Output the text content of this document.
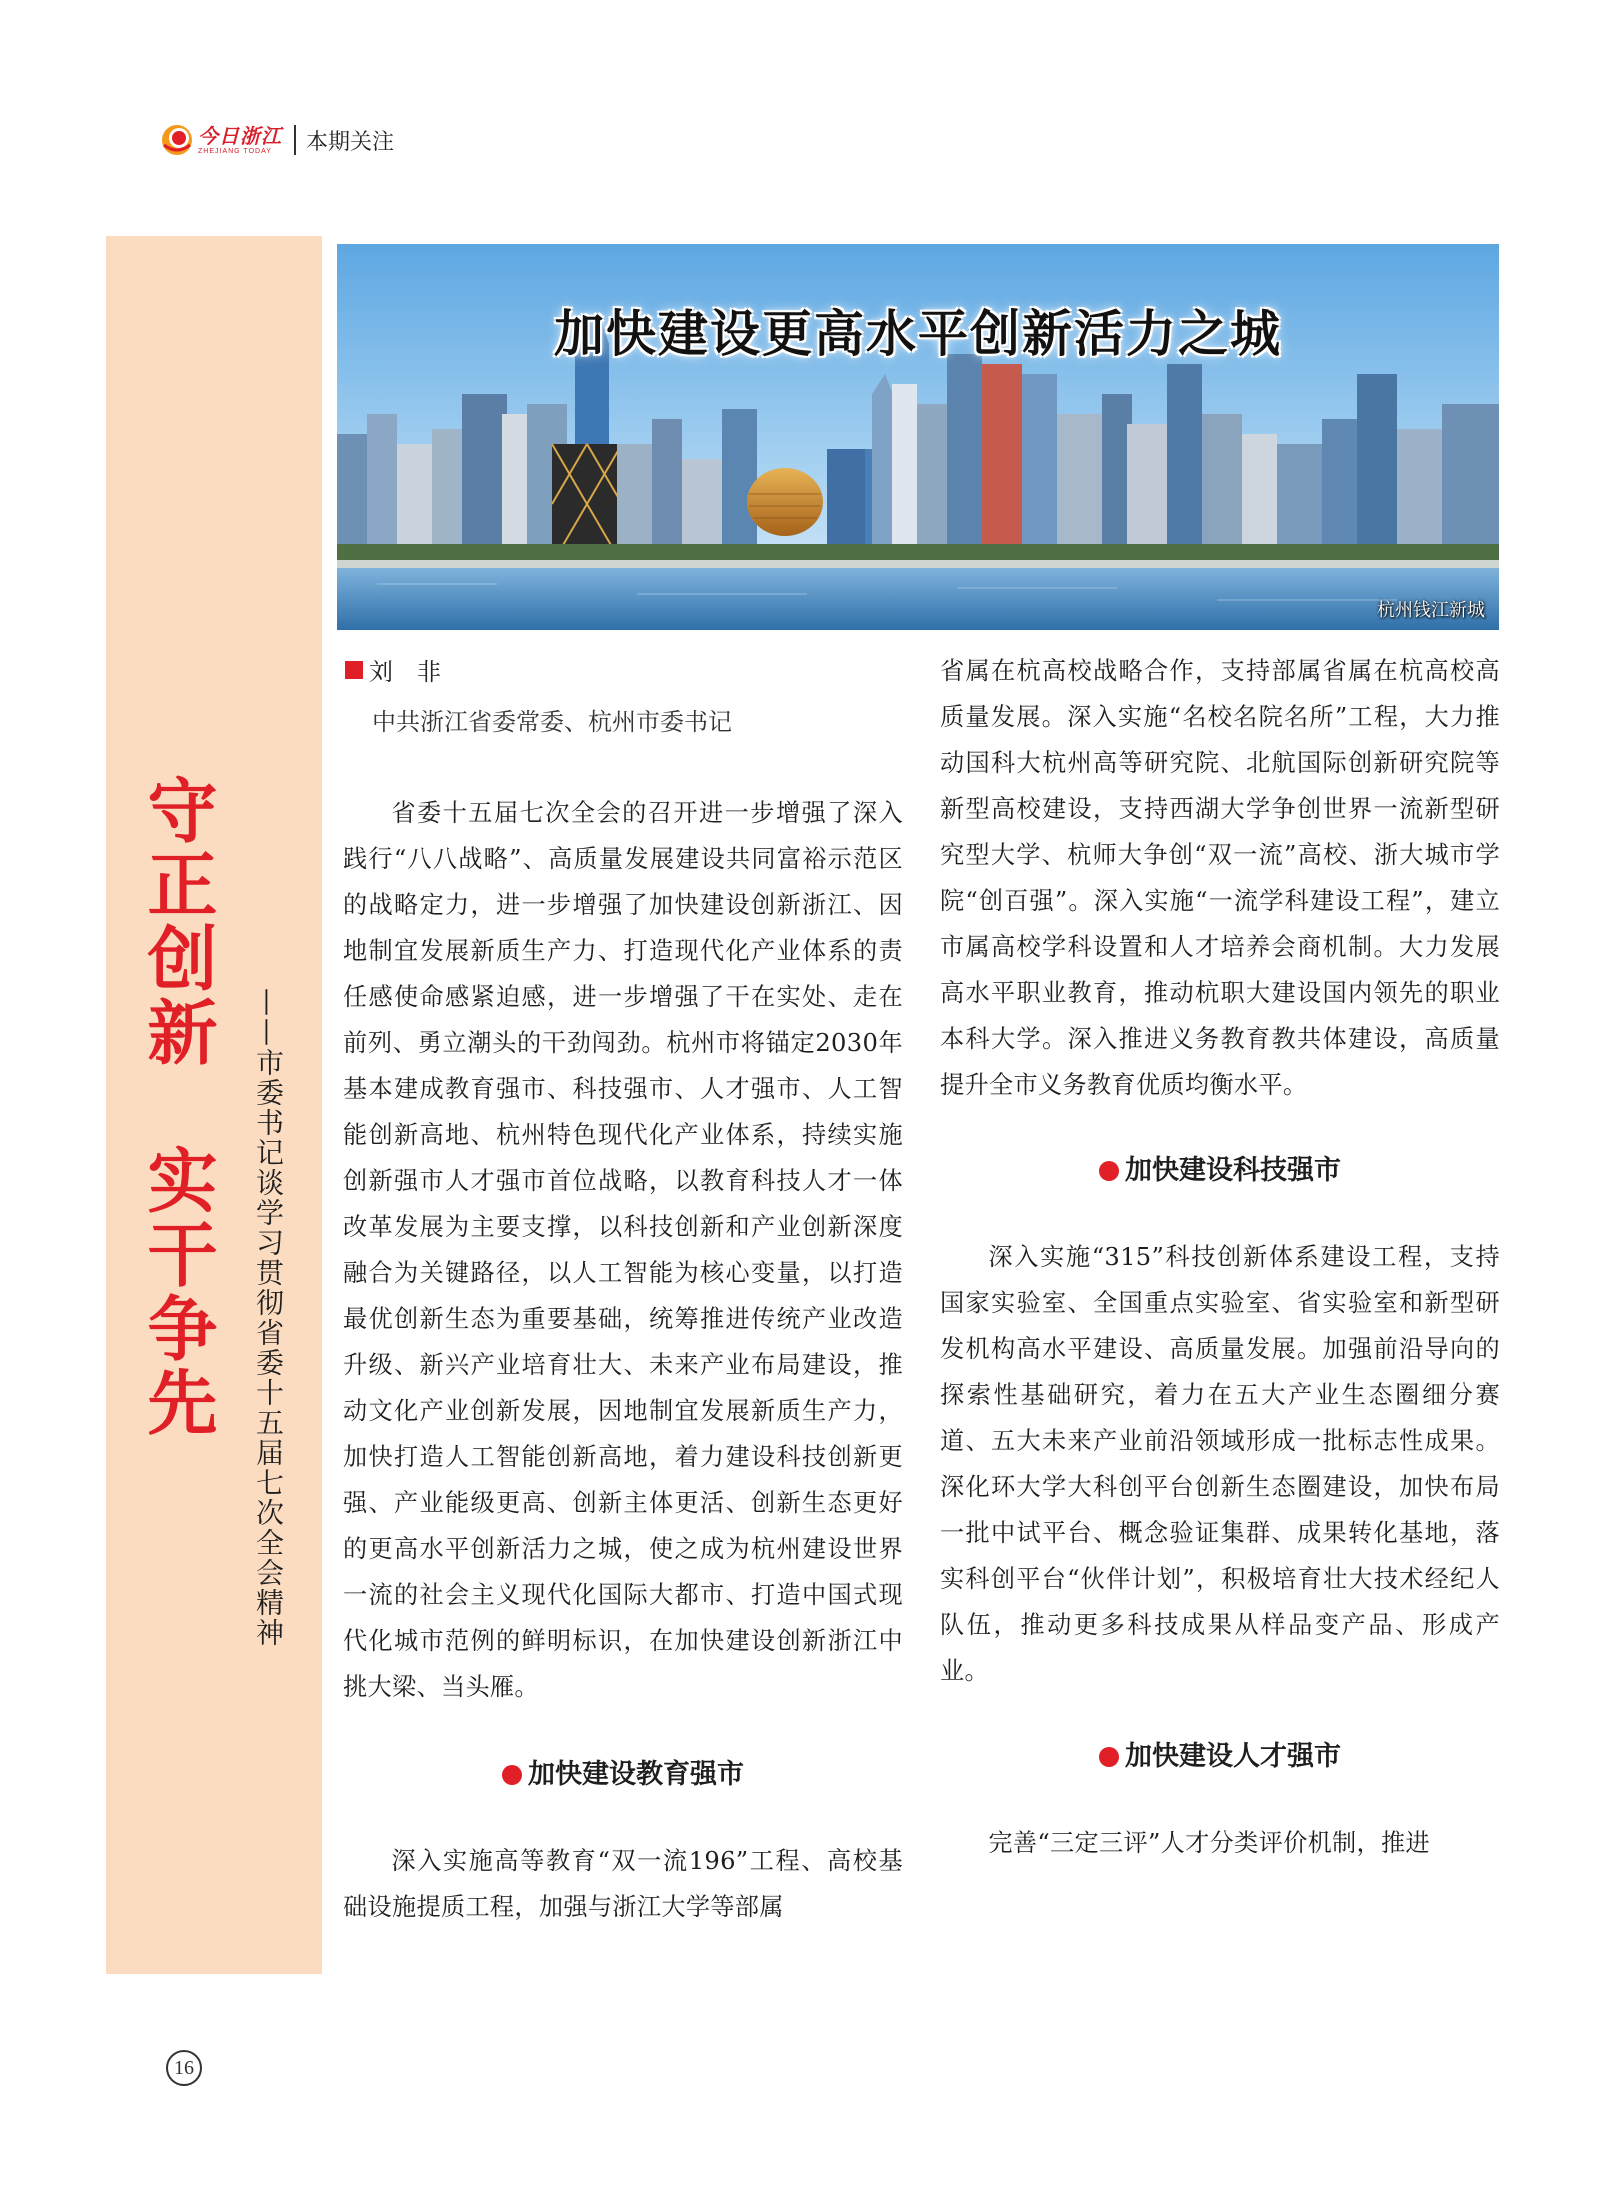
今日浙江
ZHEJIANG TODAY	本期关注
守正创新　实干争先 ——市委书记谈学习贯彻省委十五届七次全会精神
加快建设更高水平创新活力之城
杭州钱江新城
刘　非
中共浙江省委常委、杭州市委书记

省委十五届七次全会的召开进一步增强了深入践行“八八战略”、高质量发展建设共同富裕示范区的战略定力，进一步增强了加快建设创新浙江、因地制宜发展新质生产力、打造现代化产业体系的责任感使命感紧迫感，进一步增强了干在实处、走在前列、勇立潮头的干劲闯劲。杭州市将锚定2030年基本建成教育强市、科技强市、人才强市、人工智能创新高地、杭州特色现代化产业体系，持续实施创新强市人才强市首位战略，以教育科技人才一体改革发展为主要支撑，以科技创新和产业创新深度融合为关键路径，以人工智能为核心变量，以打造最优创新生态为重要基础，统筹推进传统产业改造升级、新兴产业培育壮大、未来产业布局建设，推动文化产业创新发展，因地制宜发展新质生产力，加快打造人工智能创新高地，着力建设科技创新更强、产业能级更高、创新主体更活、创新生态更好的更高水平创新活力之城，使之成为杭州建设世界一流的社会主义现代化国际大都市、打造中国式现代化城市范例的鲜明标识，在加快建设创新浙江中挑大梁、当头雁。

加快建设教育强市

深入实施高等教育“双一流196”工程、高校基础设施提质工程，加强与浙江大学等部属

省属在杭高校战略合作，支持部属省属在杭高校高质量发展。深入实施“名校名院名所”工程，大力推动国科大杭州高等研究院、北航国际创新研究院等新型高校建设，支持西湖大学争创世界一流新型研究型大学、杭师大争创“双一流”高校、浙大城市学院“创百强”。深入实施“一流学科建设工程”，建立市属高校学科设置和人才培养会商机制。大力发展高水平职业教育，推动杭职大建设国内领先的职业本科大学。深入推进义务教育教共体建设，高质量提升全市义务教育优质均衡水平。

加快建设科技强市

深入实施“315”科技创新体系建设工程，支持国家实验室、全国重点实验室、省实验室和新型研发机构高水平建设、高质量发展。加强前沿导向的探索性基础研究，着力在五大产业生态圈细分赛道、五大未来产业前沿领域形成一批标志性成果。深化环大学大科创平台创新生态圈建设，加快布局一批中试平台、概念验证集群、成果转化基地，落实科创平台“伙伴计划”，积极培育壮大技术经纪人队伍，推动更多科技成果从样品变产品、形成产业。

加快建设人才强市

完善“三定三评”人才分类评价机制，推进

16
